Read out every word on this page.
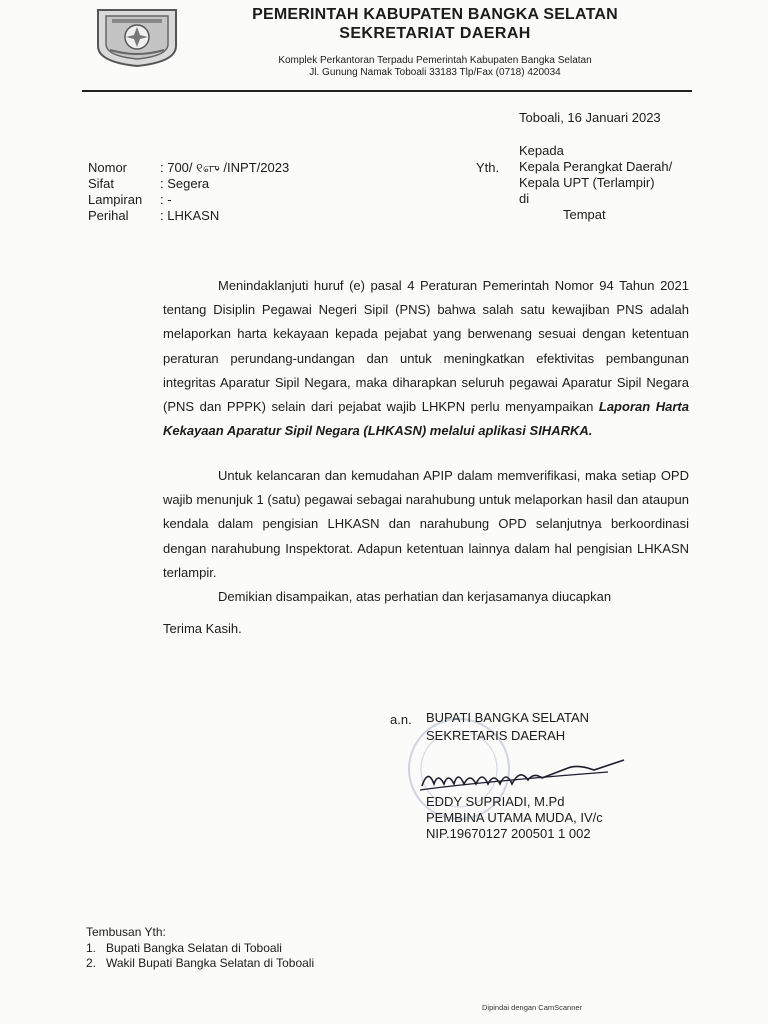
PEMERINTAH KABUPATEN BANGKA SELATAN
SEKRETARIAT DAERAH
Komplek Perkantoran Terpadu Pemerintah Kabupaten Bangka Selatan
Jl. Gunung Namak Toboali 33183 Tlp/Fax (0718) 420034
Toboali, 16 Januari 2023
Yth.
Kepada
Kepala Perangkat Daerah/
Kepala UPT (Terlampir)
di
Tempat
Nomor	: 700/ ୧எு /INPT/2023
Sifat	: Segera
Lampiran	: -
Perihal	: LHKASN
Menindaklanjuti huruf (e) pasal 4 Peraturan Pemerintah Nomor 94 Tahun 2021 tentang Disiplin Pegawai Negeri Sipil (PNS) bahwa salah satu kewajiban PNS adalah melaporkan harta kekayaan kepada pejabat yang berwenang sesuai dengan ketentuan peraturan perundang-undangan dan untuk meningkatkan efektivitas pembangunan integritas Aparatur Sipil Negara, maka diharapkan seluruh pegawai Aparatur Sipil Negara (PNS dan PPPK) selain dari pejabat wajib LHKPN perlu menyampaikan Laporan Harta Kekayaan Aparatur Sipil Negara (LHKASN) melalui aplikasi SIHARKA.
Untuk kelancaran dan kemudahan APIP dalam memverifikasi, maka setiap OPD wajib menunjuk 1 (satu) pegawai sebagai narahubung untuk melaporkan hasil dan ataupun kendala dalam pengisian LHKASN dan narahubung OPD selanjutnya berkoordinasi dengan narahubung Inspektorat. Adapun ketentuan lainnya dalam hal pengisian LHKASN terlampir.
Demikian disampaikan, atas perhatian dan kerjasamanya diucapkan
Terima Kasih.
a.n. BUPATI BANGKA SELATAN
SEKRETARIS DAERAH
EDDY SUPRIADI, M.Pd
PEMBINA UTAMA MUDA, IV/c
NIP.19670127 200501 1 002
Tembusan Yth:
1. Bupati Bangka Selatan di Toboali
2. Wakil Bupati Bangka Selatan di Toboali
Dipindai dengan CamScanner
